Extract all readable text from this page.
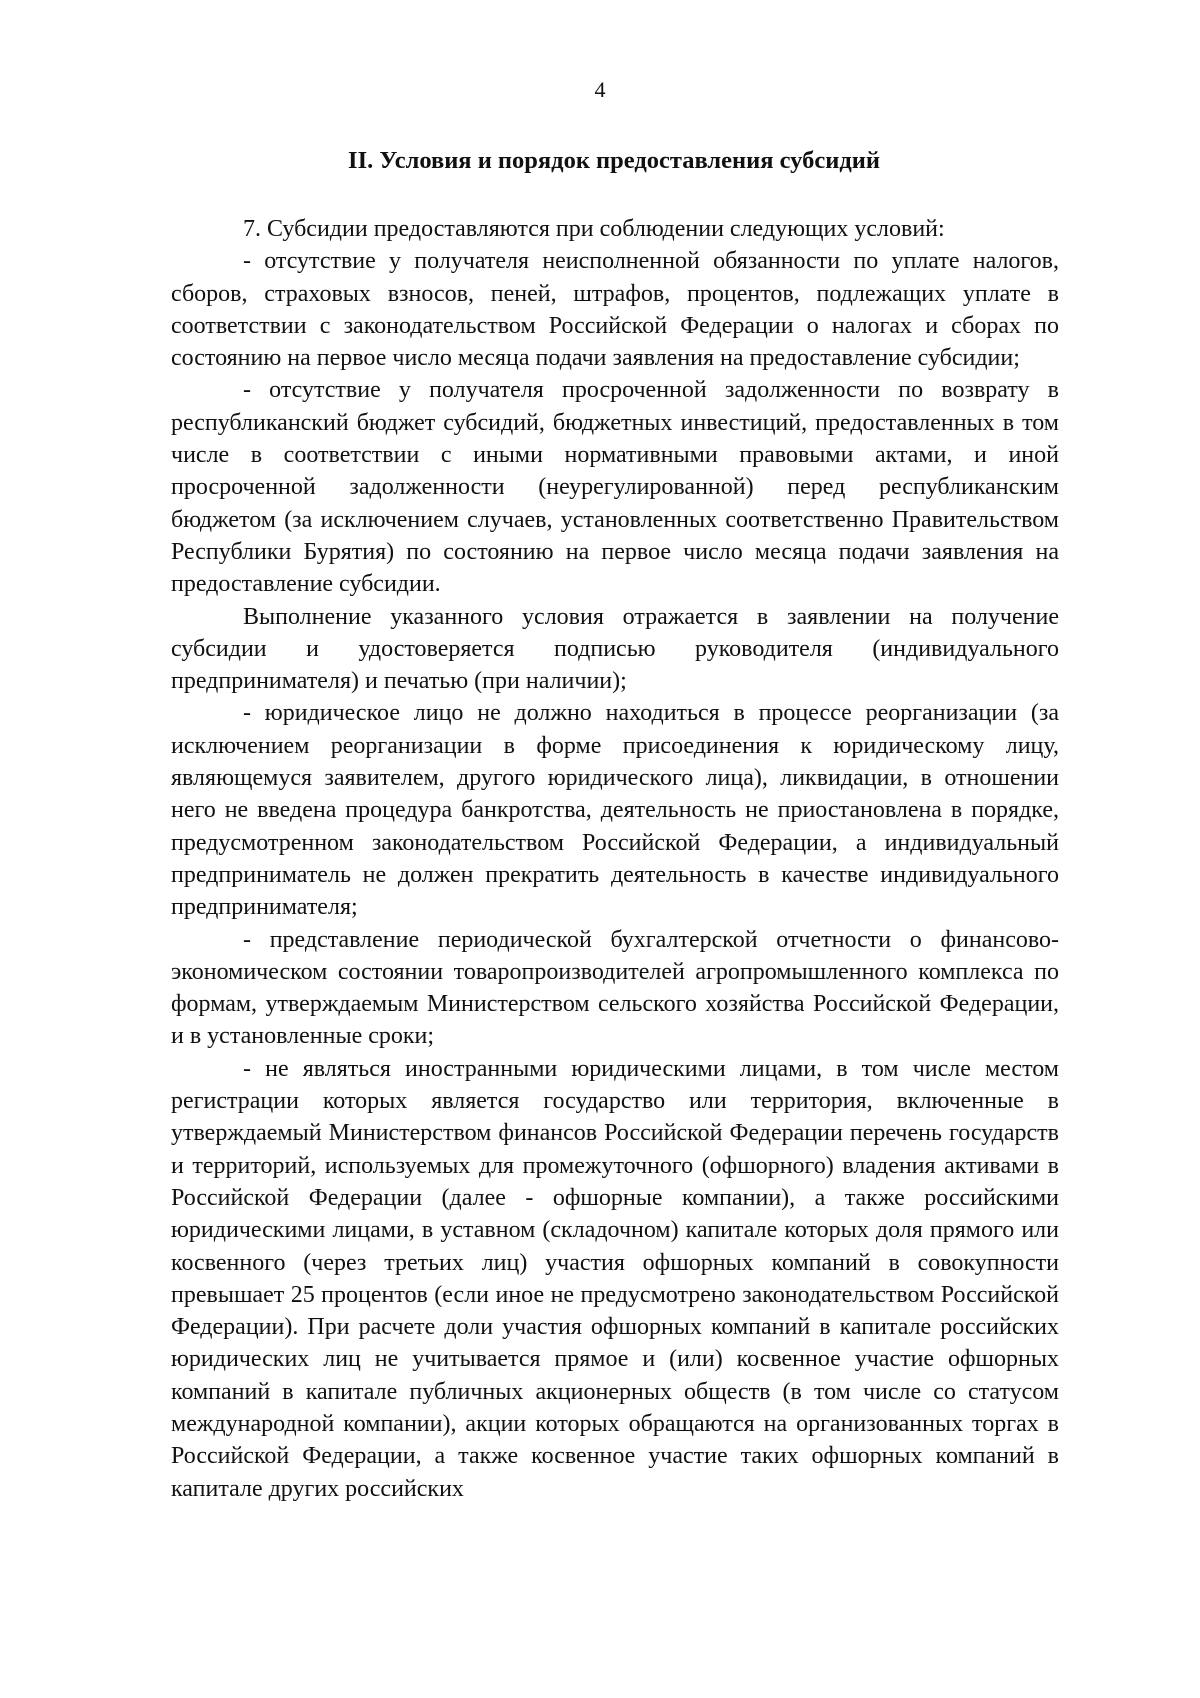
4
II. Условия и порядок предоставления субсидий

7. Субсидии предоставляются при соблюдении следующих условий:

- отсутствие у получателя неисполненной обязанности по уплате налогов, сборов, страховых взносов, пеней, штрафов, процентов, подлежащих уплате в соответствии с законодательством Российской Федерации о налогах и сборах по состоянию на первое число месяца подачи заявления на предоставление субсидии;

- отсутствие у получателя просроченной задолженности по возврату в республиканский бюджет субсидий, бюджетных инвестиций, предоставленных в том числе в соответствии с иными нормативными правовыми актами, и иной просроченной задолженности (неурегулированной) перед республиканским бюджетом (за исключением случаев, установленных соответственно Правительством Республики Бурятия) по состоянию на первое число месяца подачи заявления на предоставление субсидии.

Выполнение указанного условия отражается в заявлении на получение субсидии и удостоверяется подписью руководителя (индивидуального предпринимателя) и печатью (при наличии);

- юридическое лицо не должно находиться в процессе реорганизации (за исключением реорганизации в форме присоединения к юридическому лицу, являющемуся заявителем, другого юридического лица), ликвидации, в отношении него не введена процедура банкротства, деятельность не приостановлена в порядке, предусмотренном законодательством Российской Федерации, а индивидуальный предприниматель не должен прекратить деятельность в качестве индивидуального предпринимателя;

- представление периодической бухгалтерской отчетности о финансово-экономическом состоянии товаропроизводителей агропромышленного комплекса по формам, утверждаемым Министерством сельского хозяйства Российской Федерации, и в установленные сроки;

- не являться иностранными юридическими лицами, в том числе местом регистрации которых является государство или территория, включенные в утверждаемый Министерством финансов Российской Федерации перечень государств и территорий, используемых для промежуточного (офшорного) владения активами в Российской Федерации (далее - офшорные компании), а также российскими юридическими лицами, в уставном (складочном) капитале которых доля прямого или косвенного (через третьих лиц) участия офшорных компаний в совокупности превышает 25 процентов (если иное не предусмотрено законодательством Российской Федерации). При расчете доли участия офшорных компаний в капитале российских юридических лиц не учитывается прямое и (или) косвенное участие офшорных компаний в капитале публичных акционерных обществ (в том числе со статусом международной компании), акции которых обращаются на организованных торгах в Российской Федерации, а также косвенное участие таких офшорных компаний в капитале других российских
